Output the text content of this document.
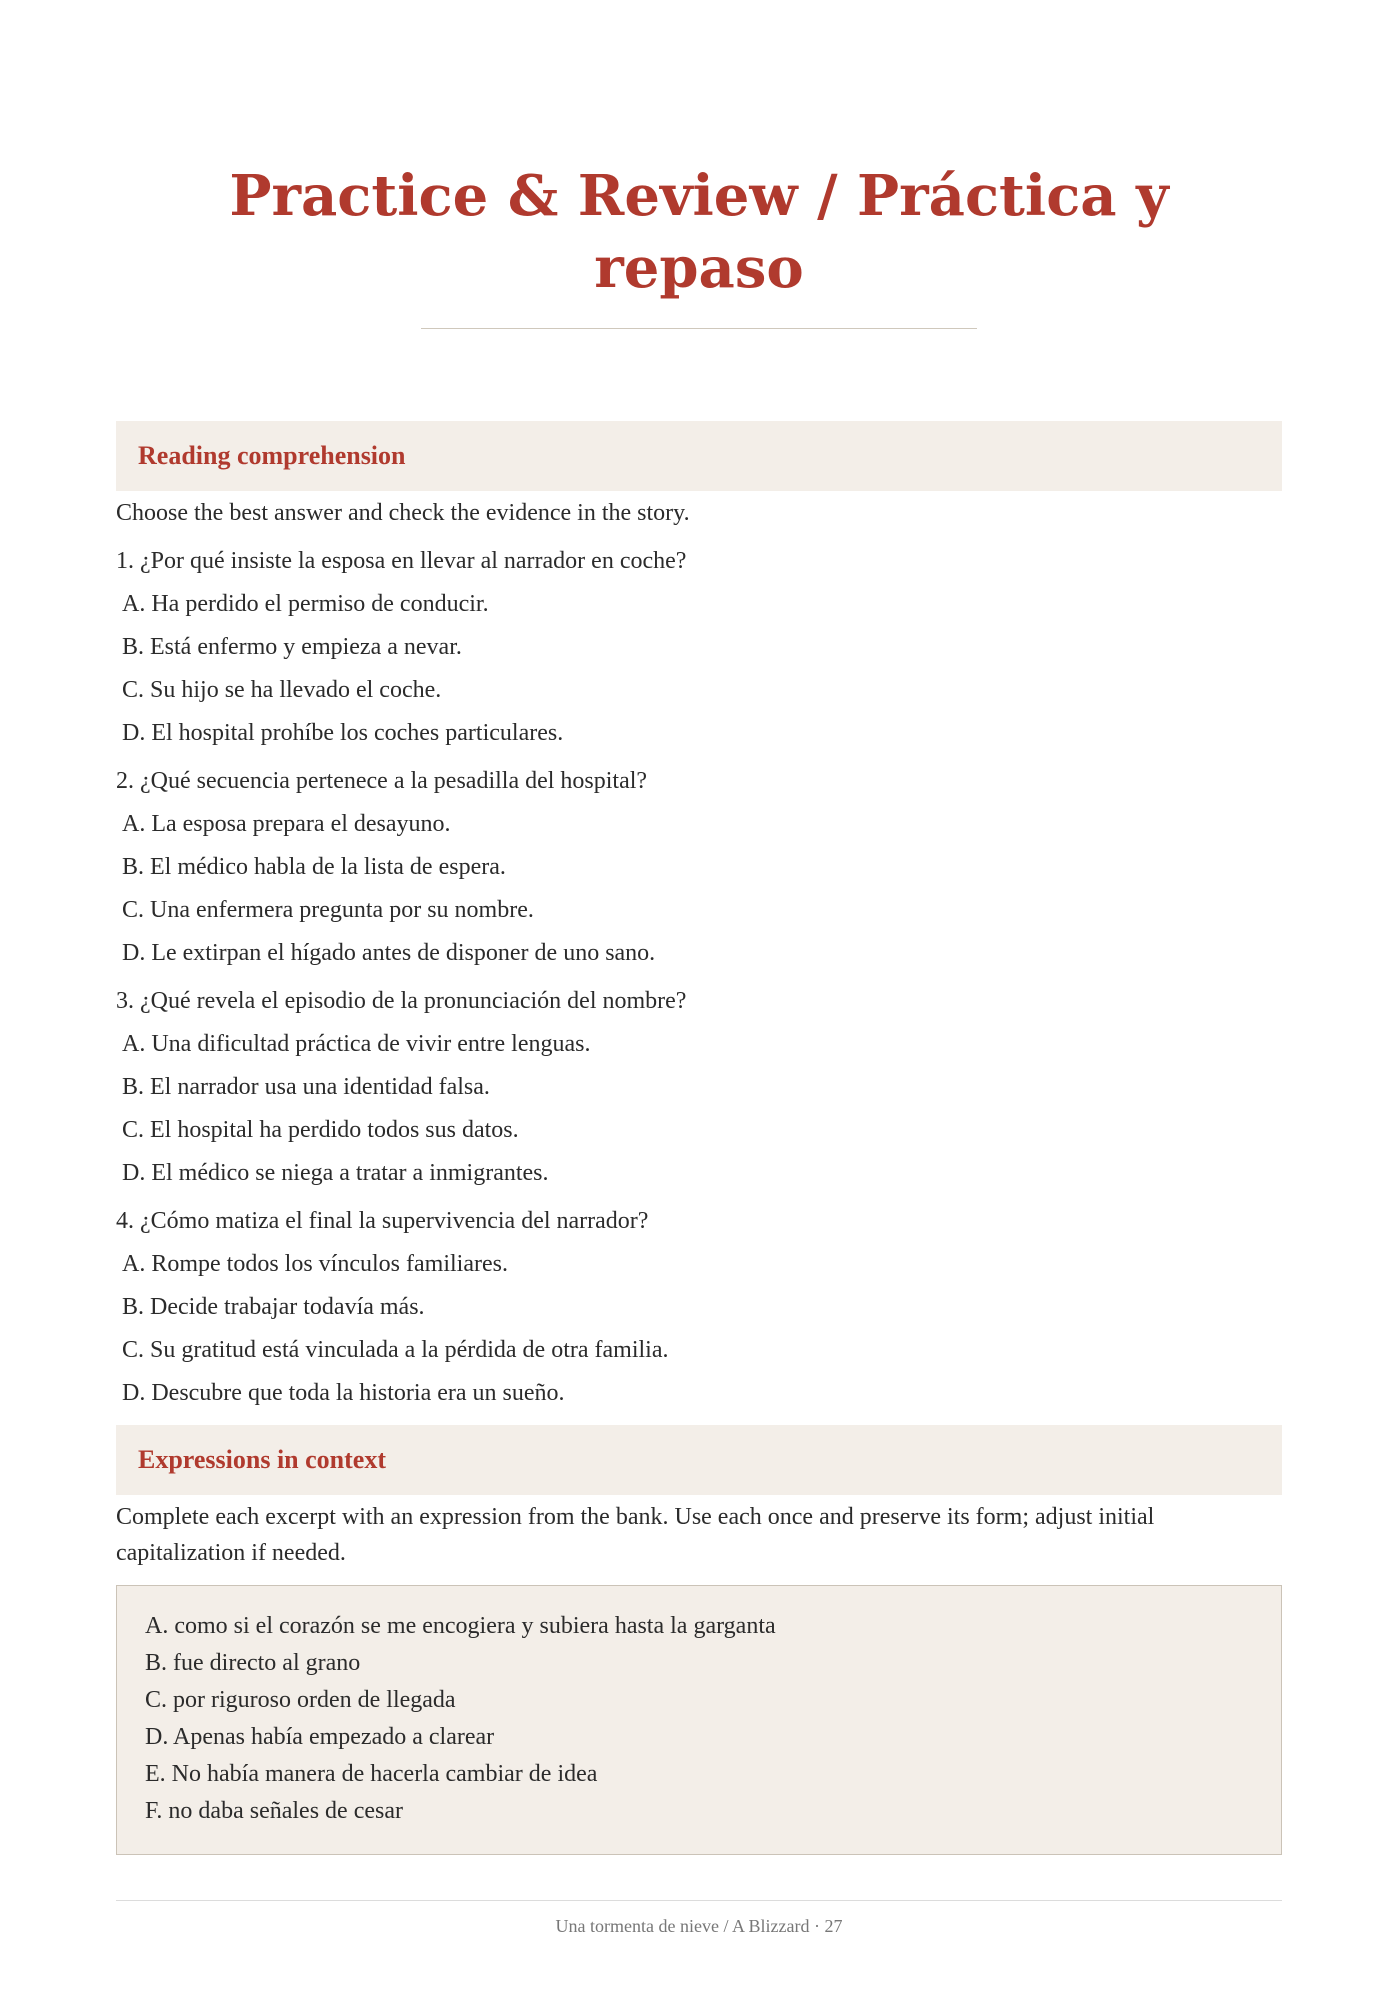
Practice & Review / Práctica y repaso
Reading comprehension
Choose the best answer and check the evidence in the story.
1. ¿Por qué insiste la esposa en llevar al narrador en coche?
A. Ha perdido el permiso de conducir.
B. Está enfermo y empieza a nevar.
C. Su hijo se ha llevado el coche.
D. El hospital prohíbe los coches particulares.
2. ¿Qué secuencia pertenece a la pesadilla del hospital?
A. La esposa prepara el desayuno.
B. El médico habla de la lista de espera.
C. Una enfermera pregunta por su nombre.
D. Le extirpan el hígado antes de disponer de uno sano.
3. ¿Qué revela el episodio de la pronunciación del nombre?
A. Una dificultad práctica de vivir entre lenguas.
B. El narrador usa una identidad falsa.
C. El hospital ha perdido todos sus datos.
D. El médico se niega a tratar a inmigrantes.
4. ¿Cómo matiza el final la supervivencia del narrador?
A. Rompe todos los vínculos familiares.
B. Decide trabajar todavía más.
C. Su gratitud está vinculada a la pérdida de otra familia.
D. Descubre que toda la historia era un sueño.
Expressions in context
Complete each excerpt with an expression from the bank. Use each once and preserve its form; adjust initial capitalization if needed.
A. como si el corazón se me encogiera y subiera hasta la garganta
B. fue directo al grano
C. por riguroso orden de llegada
D. Apenas había empezado a clarear
E. No había manera de hacerla cambiar de idea
F. no daba señales de cesar
Una tormenta de nieve / A Blizzard · 27
